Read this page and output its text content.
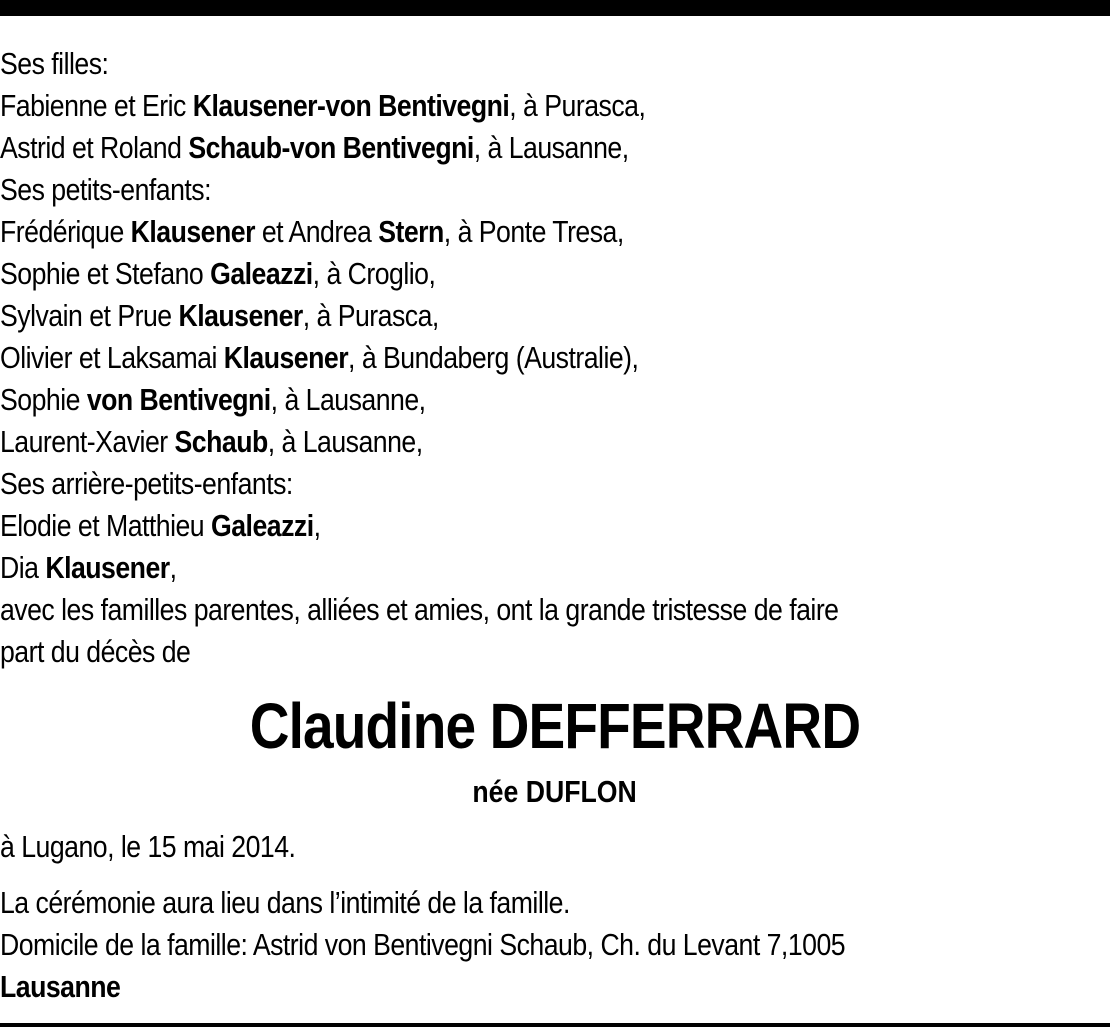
Ses filles:
Fabienne et Eric Klausener-von Bentivegni, à Purasca,
Astrid et Roland Schaub-von Bentivegni, à Lausanne,
Ses petits-enfants:
Frédérique Klausener et Andrea Stern, à Ponte Tresa,
Sophie et Stefano Galeazzi, à Croglio,
Sylvain et Prue Klausener, à Purasca,
Olivier et Laksamai Klausener, à Bundaberg (Australie),
Sophie von Bentivegni, à Lausanne,
Laurent-Xavier Schaub, à Lausanne,
Ses arrière-petits-enfants:
Elodie et Matthieu Galeazzi,
Dia Klausener,
avec les familles parentes, alliées et amies, ont la grande tristesse de faire
part du décès de
Claudine DEFFERRARD
née DUFLON
à Lugano, le 15 mai 2014.
La cérémonie aura lieu dans l’intimité de la famille.
Domicile de la famille: Astrid von Bentivegni Schaub, Ch. du Levant 7,1005
Lausanne
